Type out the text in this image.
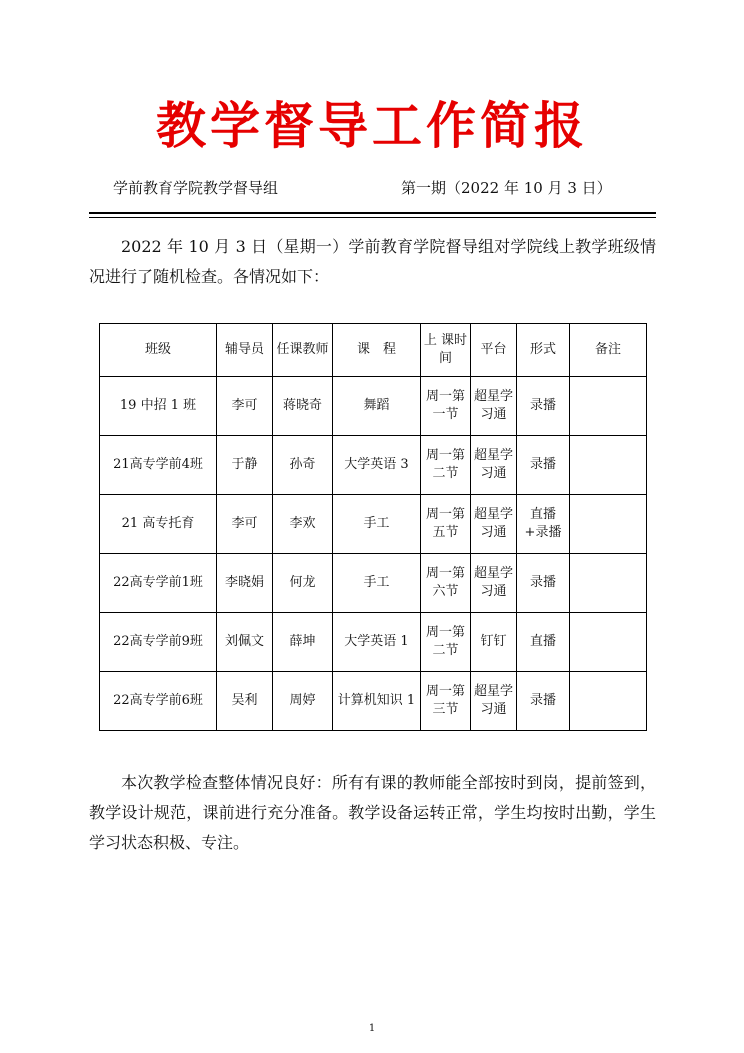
教学督导工作简报
学前教育学院教学督导组	第一期（2022 年 10 月 3 日）

2022 年 10 月 3 日（星期一）学前教育学院督导组对学院线上教学班级情况进行了随机检查。各情况如下：

班级	辅导员	任课教师	课　程	上 课时间	平台	形式	备注
19 中招 1 班	李可	蒋晓奇	舞蹈	周一第一节	超星学习通	录播	
21高专学前4班	于静	孙奇	大学英语 3	周一第二节	超星学习通	录播	
21 高专托育	李可	李欢	手工	周一第五节	超星学习通	直播+录播	
22高专学前1班	李晓娟	何龙	手工	周一第六节	超星学习通	录播	
22高专学前9班	刘佩文	薛坤	大学英语 1	周一第二节	钉钉	直播	
22高专学前6班	吴利	周婷	计算机知识 1	周一第三节	超星学习通	录播	

本次教学检查整体情况良好：所有有课的教师能全部按时到岗，提前签到，教学设计规范，课前进行充分准备。教学设备运转正常，学生均按时出勤，学生学习状态积极、专注。

1
